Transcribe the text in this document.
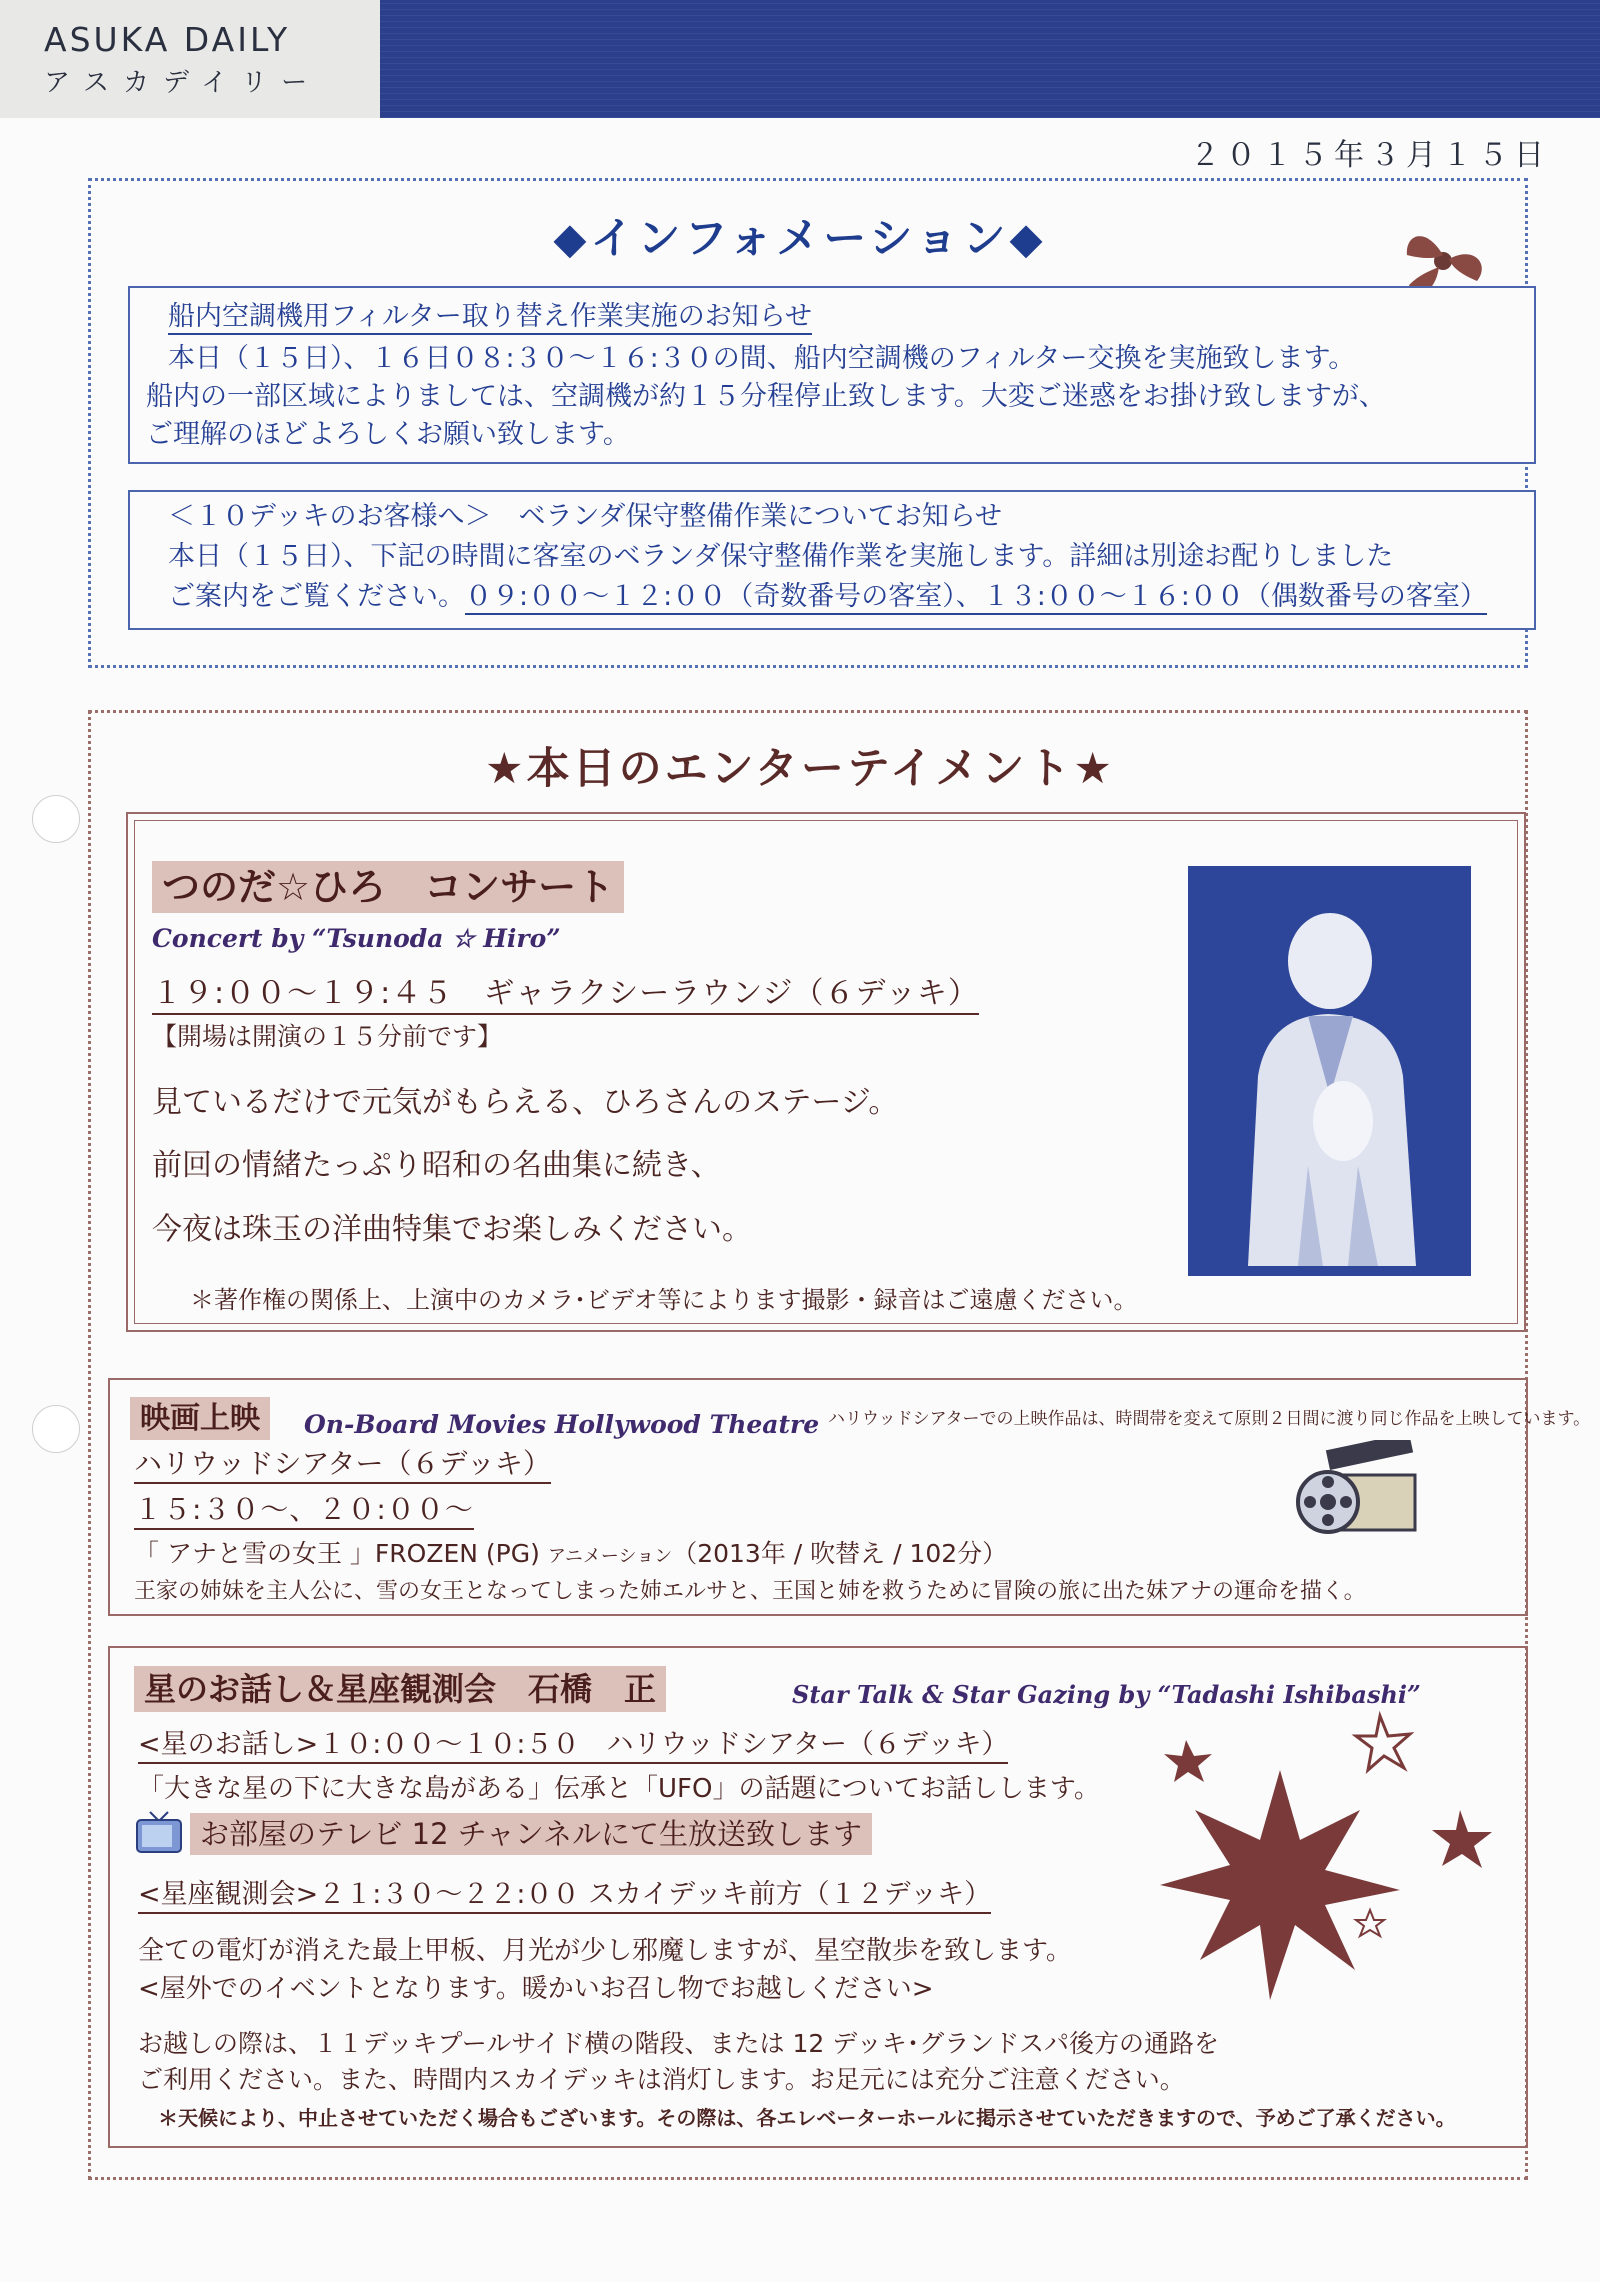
ASUKA DAILY
アスカデイリー
２０１５年３月１５日
◆インフォメーション◆
船内空調機用フィルター取り替え作業実施のお知らせ
本日（１５日）、１６日０８:３０～１６:３０の間、船内空調機のフィルター交換を実施致します。
船内の一部区域によりましては、空調機が約１５分程停止致します。大変ご迷惑をお掛け致しますが、
ご理解のほどよろしくお願い致します。
＜１０デッキのお客様へ＞　ベランダ保守整備作業についてお知らせ
本日（１５日）、下記の時間に客室のベランダ保守整備作業を実施します。詳細は別途お配りしました
ご案内をご覧ください。０９:００～１２:００（奇数番号の客室）、１３:００～１６:００（偶数番号の客室）
★本日のエンターテイメント★
つのだ☆ひろ　コンサート
Concert by “Tsunoda ☆ Hiro”
１９:００～１９:４５　ギャラクシーラウンジ（６デッキ）
【開場は開演の１５分前です】
見ているだけで元気がもらえる、ひろさんのステージ。
前回の情緒たっぷり昭和の名曲集に続き、
今夜は珠玉の洋曲特集でお楽しみください。
＊著作権の関係上、上演中のカメラ･ビデオ等によります撮影・録音はご遠慮ください。
映画上映	On-Board Movies Hollywood Theatre ハリウッドシアターでの上映作品は、時間帯を変えて原則２日間に渡り同じ作品を上映しています。
ハリウッドシアター（６デッキ）
１５:３０～、２０:００～
「 アナと雪の女王 」FROZEN (PG) アニメーション（2013年 / 吹替え / 102分）
王家の姉妹を主人公に、雪の女王となってしまった姉エルサと、王国と姉を救うために冒険の旅に出た妹アナの運命を描く。
星のお話し＆星座観測会　石橋　正	Star Talk & Star Gazing by “Tadashi Ishibashi”
<星のお話し>１０:００～１０:５０　ハリウッドシアター（６デッキ）
「大きな星の下に大きな島がある」伝承と「UFO」の話題についてお話しします。
お部屋のテレビ 12 チャンネルにて生放送致します
<星座観測会>２１:３０～２２:００ スカイデッキ前方（１２デッキ）
全ての電灯が消えた最上甲板、月光が少し邪魔しますが、星空散歩を致します。
<屋外でのイベントとなります。暖かいお召し物でお越しください>
お越しの際は、１１デッキプールサイド横の階段、または 12 デッキ･グランドスパ後方の通路を
ご利用ください。また、時間内スカイデッキは消灯します。お足元には充分ご注意ください。
＊天候により、中止させていただく場合もございます。その際は、各エレベーターホールに掲示させていただきますので、予めご了承ください。
